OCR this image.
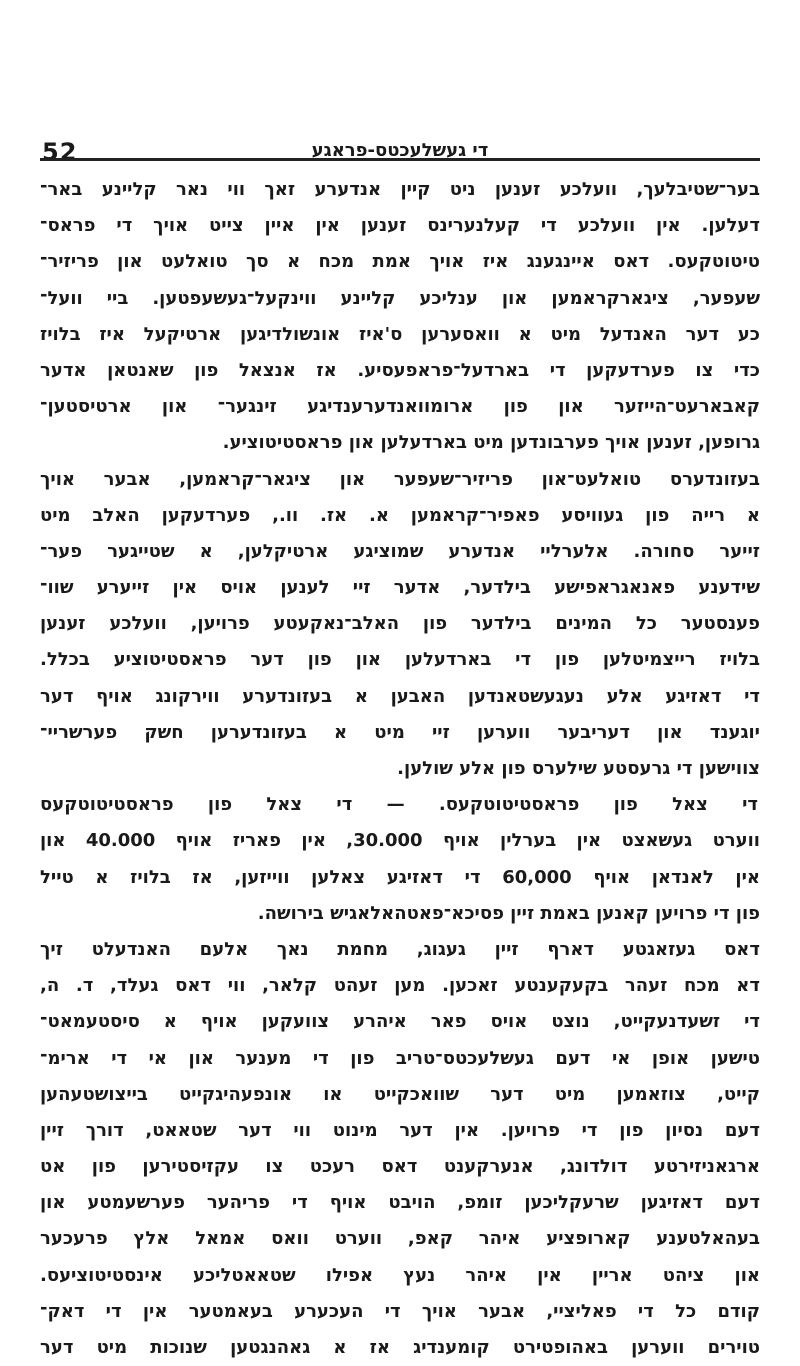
52	די געשלעכטס-פראגע
בער־שטיבלעך, וועלכע זענען ניט קיין אנדערע זאך ווי נאר קליינע באר־
דעלען. אין וועלכע די קעלנערינס זענען אין איין צייט אויך די פראס־
טיטוטקעס. דאס איינגענג איז אויך אמת מכח א סך טואלעט און פריזיר־
שעפער, ציגארקראמען און ענליכע קליינע ווינקעל־געשעפטען. ביי וועל־
כע דער האנדעל מיט א וואסערען ס'איז אונשולדיגען ארטיקעל איז בלויז
כדי צו פערדעקען די בארדעל־פראפעסיע. אז אנצאל פון שאנטאן אדער
קאבארעט־הייזער און פון ארומוואנדערענדיגע זינגער־ און ארטיסטען־
גרופען, זענען אויך פערבונדען מיט בארדעלען און פראסטיטוציע.
בעזונדערס טואלעט־און פריזיר־שעפער און ציגאר־קראמען, אבער אויך
א רייה פון געוויסע פאפיר־קראמען א. אז. וו., פערדעקען האלב מיט
זייער סחורה. אלערליי אנדערע שמוציגע ארטיקלען, א שטייגער פער־
שידענע פאנאגראפישע בילדער, אדער זיי לענען אויס אין זייערע שוו־
פענסטער כל המינים בילדער פון האלב־נאקעטע פרויען, וועלכע זענען
בלויז רייצמיטלען פון די בארדעלען און פון דער פראסטיטוציע בכלל.
די דאזיגע אלע נעגעשטאנדען האבען א בעזונדערע ווירקונג אויף דער
יוגענד און דעריבער ווערען זיי מיט א בעזונדערען חשק פערשריי־
צווישען די גרעסטע שילערס פון אלע שולען.
די צאל פון פראסטיטוטקעס. — די צאל פון פראסטיטוטקעס
ווערט געשאצט אין בערלין אויף 30.000, אין פאריז אויף 40.000 און
אין לאנדאן אויף 60,000 די דאזיגע צאלען ווייזען, אז בלויז א טייל
פון די פרויען קאנען באמת זיין פסיכא־פאטהאלאגיש בירושה.
דאס געזאגטע דארף זיין געגוג, מחמת נאך אלעם האנדעלט זיך
דא מכח זעהר בקעקענטע זאכען. מען זעהט קלאר, ווי דאס געלד, ד. ה,
די זשעדנעקייט, נוצט אויס פאר איהרע צוועקען אויף א סיסטעמאט־
טישען אופן אי דעם געשלעכטס־טריב פון די מענער און אי די ארימ־
קייט, צוזאמען מיט דער שוואכקייט או אונפעהיגקייט בייצושטעהען
דעם נסיון פון די פרויען. אין דער מינוט ווי דער שטאאט, דורך זיין
ארגאניזירטע דולדונג, אנערקענט דאס רעכט צו עקזיסטירען פון אט
דעם דאזיגען שרעקליכען זומפ, הויבט אויף די פריהער פערשעמטע און
בעהאלטענע קארופציע איהר קאפ, ווערט וואס אמאל אלץ פרעכער
און ציהט אריין אין איהר נעץ אפילו שטאאטליכע אינסטיטוציעס.
קודם כל די פאליציי, אבער אויך די העכערע בעאמטער אין די דאק־
טוירים ווערען באהופטירט קומענדיג אז א גאהנגטען שנוכות מיט דער
